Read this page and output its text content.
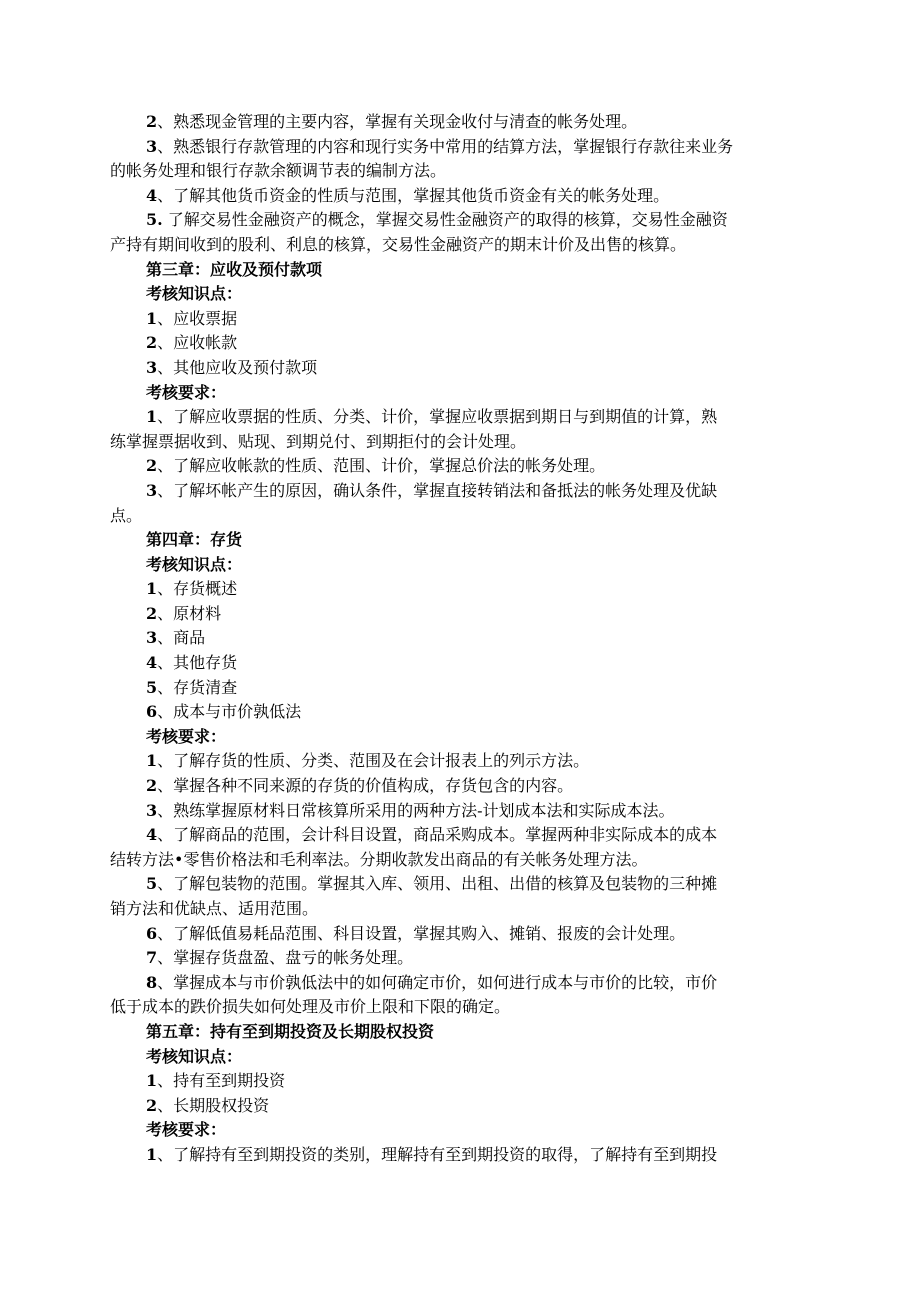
2、熟悉现金管理的主要内容，掌握有关现金收付与清查的帐务处理。
3、熟悉银行存款管理的内容和现行实务中常用的结算方法，掌握银行存款往来业务
的帐务处理和银行存款余额调节表的编制方法。
4、了解其他货币资金的性质与范围，掌握其他货币资金有关的帐务处理。
5. 了解交易性金融资产的概念，掌握交易性金融资产的取得的核算，交易性金融资
产持有期间收到的股利、利息的核算，交易性金融资产的期末计价及出售的核算。
第三章：应收及预付款项
考核知识点：
1、应收票据
2、应收帐款
3、其他应收及预付款项
考核要求：
1、了解应收票据的性质、分类、计价，掌握应收票据到期日与到期值的计算，熟
练掌握票据收到、贴现、到期兑付、到期拒付的会计处理。
2、了解应收帐款的性质、范围、计价，掌握总价法的帐务处理。
3、了解坏帐产生的原因，确认条件，掌握直接转销法和备抵法的帐务处理及优缺
点。
第四章：存货
考核知识点：
1、存货概述
2、原材料
3、商品
4、其他存货
5、存货清查
6、成本与市价孰低法
考核要求：
1、了解存货的性质、分类、范围及在会计报表上的列示方法。
2、掌握各种不同来源的存货的价值构成，存货包含的内容。
3、熟练掌握原材料日常核算所采用的两种方法-计划成本法和实际成本法。
4、了解商品的范围，会计科目设置，商品采购成本。掌握两种非实际成本的成本
结转方法•零售价格法和毛利率法。分期收款发出商品的有关帐务处理方法。
5、了解包装物的范围。掌握其入库、领用、出租、出借的核算及包装物的三种摊
销方法和优缺点、适用范围。
6、了解低值易耗品范围、科目设置，掌握其购入、摊销、报废的会计处理。
7、掌握存货盘盈、盘亏的帐务处理。
8、掌握成本与市价孰低法中的如何确定市价，如何进行成本与市价的比较，市价
低于成本的跌价损失如何处理及市价上限和下限的确定。
第五章：持有至到期投资及长期股权投资
考核知识点：
1、持有至到期投资
2、长期股权投资
考核要求：
1、了解持有至到期投资的类别，理解持有至到期投资的取得，了解持有至到期投
